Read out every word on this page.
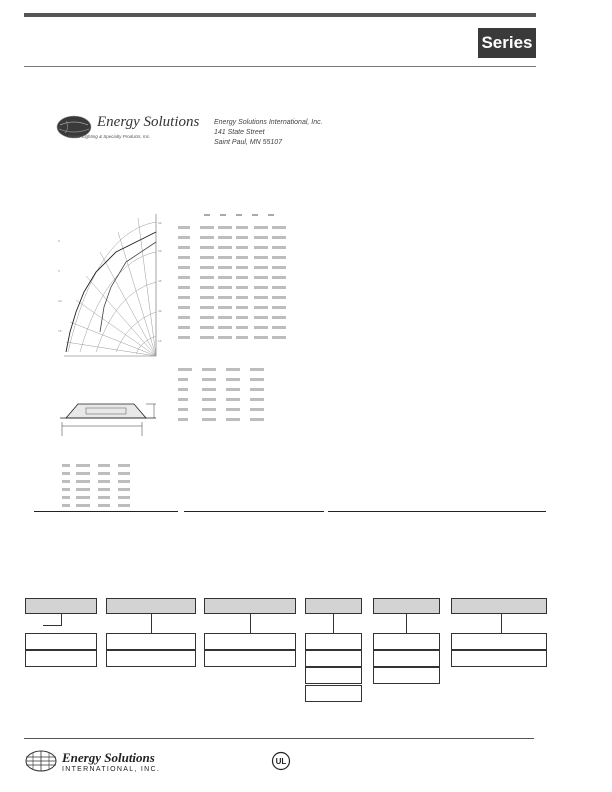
Series
Energy Solutions
Power Lighting & Specialty Products, Inc.
Energy Solutions International, Inc.
141 State Street
Saint Paul, MN 55107
90
60
45
30
15
0
5
10
15
Energy Solutions
INTERNATIONAL, INC.
UL
